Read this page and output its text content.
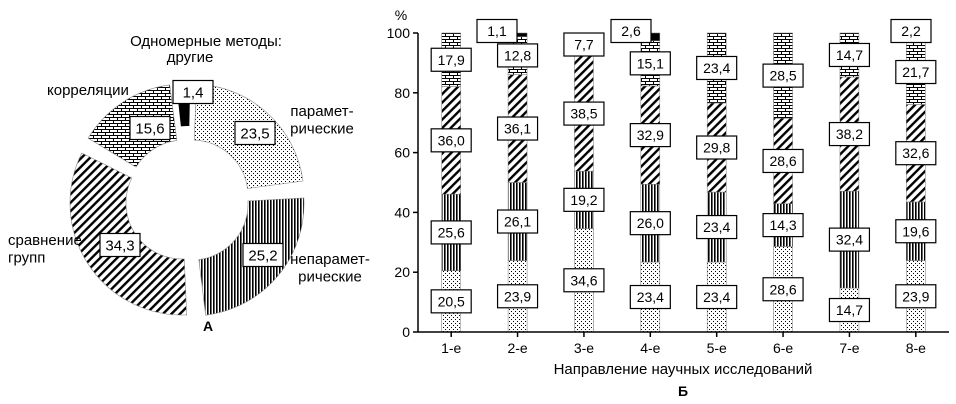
Одномерные методы:
23,5
парамет-рические
25,2 непарамет-рические
34,3
сравнение групп
15,6
корреляции	1,4
другие
А
%
0
20
40
60
80
100
20,5
25,6
36,0
17,9
23,9
26,1
36,1
12,8
1,1
34,6
19,2
38,5
7,7
23,4
26,0
32,9
15,1
2,6
23,4
23,4
29,8
23,4
28,6
14,3
28,6
28,5
14,7
32,4
38,2
14,7
23,9
19,6
32,6
21,7
2,2
1-е	2-е	3-е	4-е	5-е	6-е	7-е	8-е
Направление научных исследований
Б
